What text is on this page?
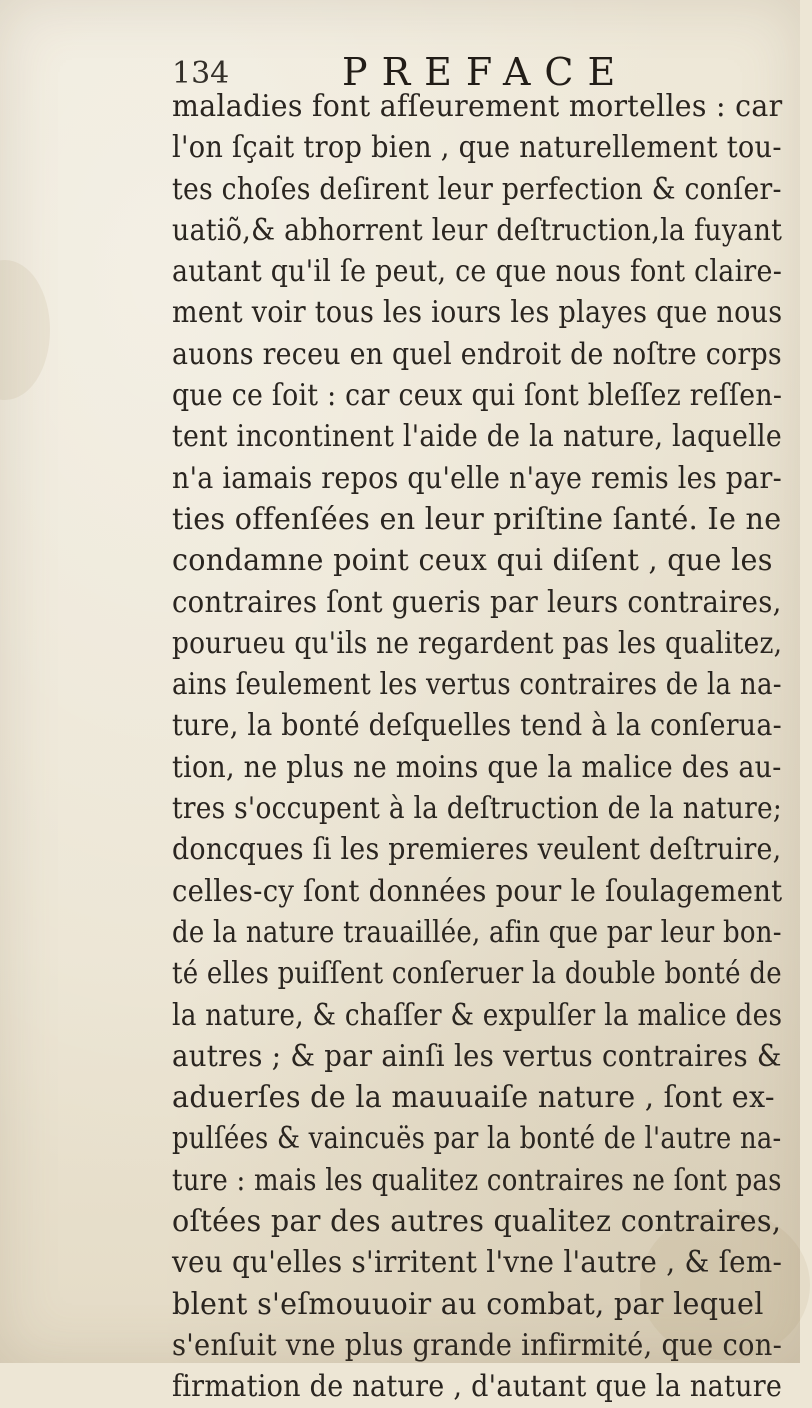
134	PREFACE
maladies font afſeurement mortelles : car
l'on ſçait trop bien , que naturellement tou-
tes choſes deſirent leur perfection & conſer-
uatiõ,& abhorrent leur deſtruction,la fuyant
autant qu'il ſe peut, ce que nous font claire-
ment voir tous les iours les playes que nous
auons receu en quel endroit de noſtre corps
que ce ſoit : car ceux qui ſont bleſſez reſſen-
tent incontinent l'aide de la nature, laquelle
n'a iamais repos qu'elle n'aye remis les par-
ties offenſées en leur priſtine ſanté. Ie ne
condamne point ceux qui diſent , que les
contraires ſont gueris par leurs contraires,
pourueu qu'ils ne regardent pas les qualitez,
ains ſeulement les vertus contraires de la na-
ture, la bonté deſquelles tend à la conſerua-
tion, ne plus ne moins que la malice des au-
tres s'occupent à la deſtruction de la nature;
doncques ſi les premieres veulent deſtruire,
celles-cy ſont données pour le ſoulagement
de la nature trauaillée, afin que par leur bon-
té elles puiſſent conſeruer la double bonté de
la nature, & chaſſer & expulſer la malice des
autres ; & par ainſi les vertus contraires &
aduerſes de la mauuaiſe nature , ſont ex-
pulſées & vaincuës par la bonté de l'autre na-
ture : mais les qualitez contraires ne ſont pas
oſtées par des autres qualitez contraires,
veu qu'elles s'irritent l'vne l'autre , & ſem-
blent s'eſmouuoir au combat, par lequel
s'enſuit vne plus grande infirmité, que con-
firmation de nature , d'autant que la nature
